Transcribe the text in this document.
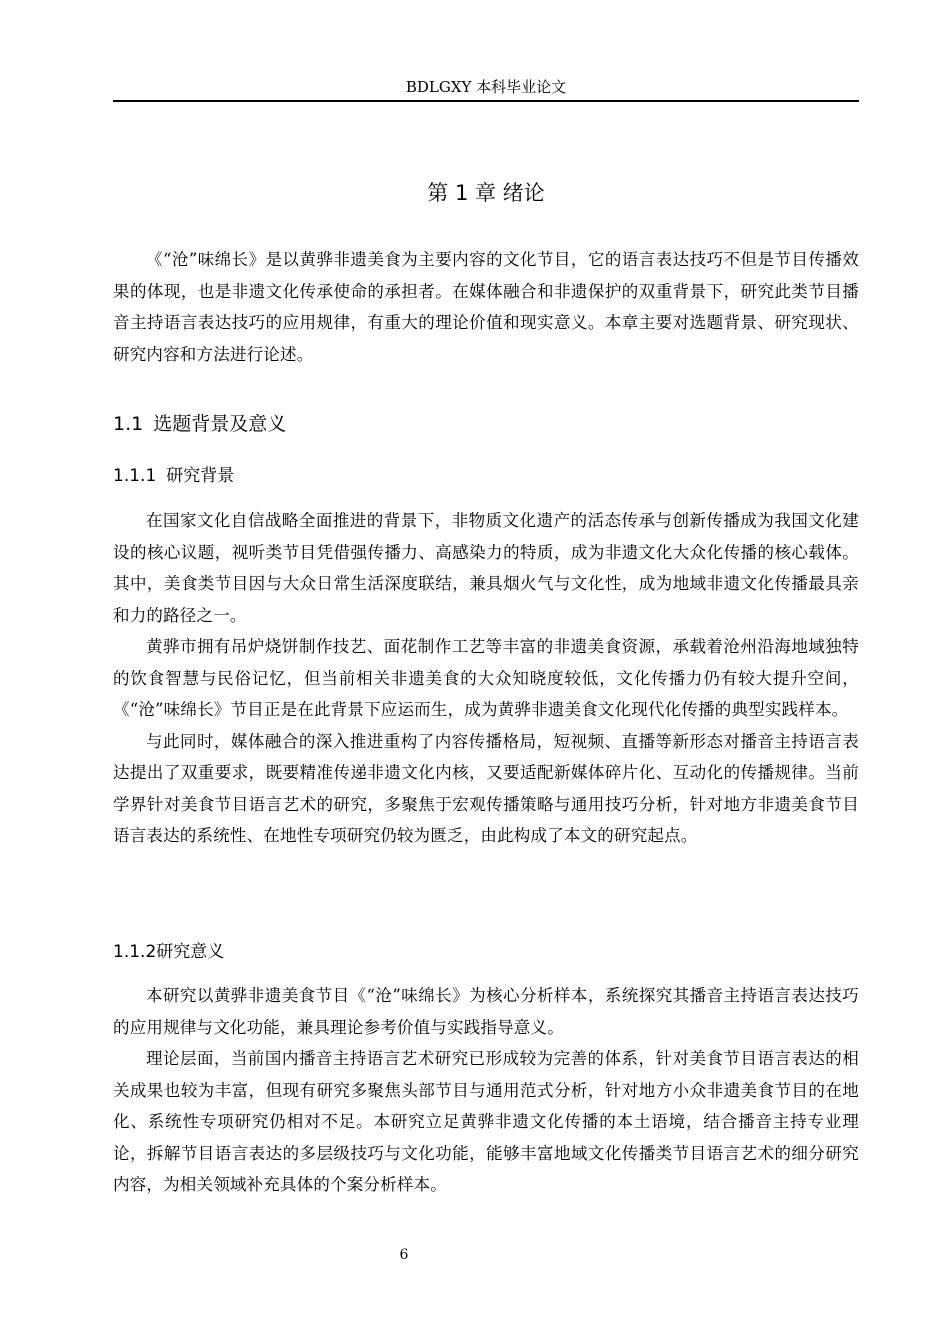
BDLGXY 本科毕业论文
第 1 章 绪论

《“沧”味绵长》是以黄骅非遗美食为主要内容的文化节目，它的语言表达技巧不但是节目传播效果的体现，也是非遗文化传承使命的承担者。在媒体融合和非遗保护的双重背景下，研究此类节目播音主持语言表达技巧的应用规律，有重大的理论价值和现实意义。本章主要对选题背景、研究现状、研究内容和方法进行论述。

1.1 选题背景及意义
1.1.1 研究背景

在国家文化自信战略全面推进的背景下，非物质文化遗产的活态传承与创新传播成为我国文化建设的核心议题，视听类节目凭借强传播力、高感染力的特质，成为非遗文化大众化传播的核心载体。其中，美食类节目因与大众日常生活深度联结，兼具烟火气与文化性，成为地域非遗文化传播最具亲和力的路径之一。

黄骅市拥有吊炉烧饼制作技艺、面花制作工艺等丰富的非遗美食资源，承载着沧州沿海地域独特的饮食智慧与民俗记忆，但当前相关非遗美食的大众知晓度较低，文化传播力仍有较大提升空间，《“沧”味绵长》节目正是在此背景下应运而生，成为黄骅非遗美食文化现代化传播的典型实践样本。

与此同时，媒体融合的深入推进重构了内容传播格局，短视频、直播等新形态对播音主持语言表达提出了双重要求，既要精准传递非遗文化内核，又要适配新媒体碎片化、互动化的传播规律。当前学界针对美食节目语言艺术的研究，多聚焦于宏观传播策略与通用技巧分析，针对地方非遗美食节目语言表达的系统性、在地性专项研究仍较为匮乏，由此构成了本文的研究起点。

1.1.2研究意义

本研究以黄骅非遗美食节目《“沧”味绵长》为核心分析样本，系统探究其播音主持语言表达技巧的应用规律与文化功能，兼具理论参考价值与实践指导意义。

理论层面，当前国内播音主持语言艺术研究已形成较为完善的体系，针对美食节目语言表达的相关成果也较为丰富，但现有研究多聚焦头部节目与通用范式分析，针对地方小众非遗美食节目的在地化、系统性专项研究仍相对不足。本研究立足黄骅非遗文化传播的本土语境，结合播音主持专业理论，拆解节目语言表达的多层级技巧与文化功能，能够丰富地域文化传播类节目语言艺术的细分研究内容，为相关领域补充具体的个案分析样本。

6
